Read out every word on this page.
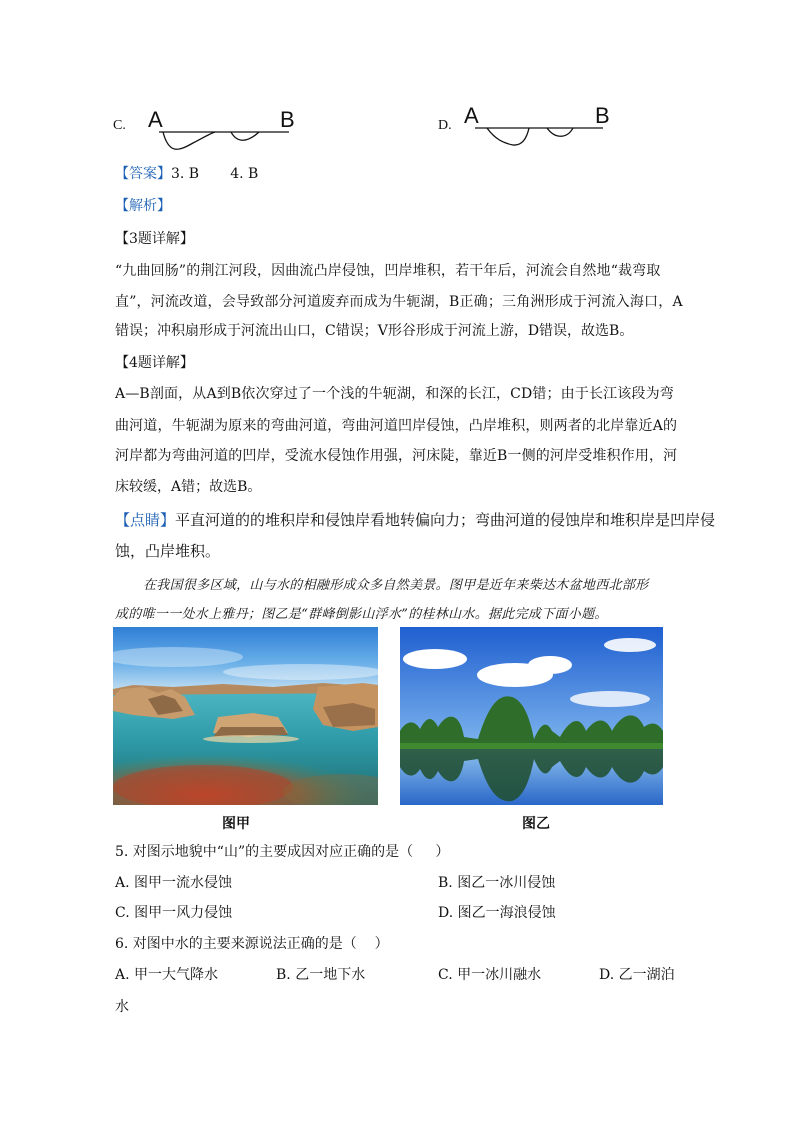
C. A	B	D. A	B
【答案】3. B       4. B
【解析】
【3题详解】
“九曲回肠”的荆江河段，因曲流凸岸侵蚀，凹岸堆积，若干年后，河流会自然地“裁弯取
直”，河流改道，会导致部分河道废弃而成为牛轭湖，B正确；三角洲形成于河流入海口，A
错误；冲积扇形成于河流出山口，C错误；V形谷形成于河流上游，D错误，故选B。
【4题详解】
A—B剖面，从A到B依次穿过了一个浅的牛轭湖，和深的长江，CD错；由于长江该段为弯
曲河道，牛轭湖为原来的弯曲河道，弯曲河道凹岸侵蚀，凸岸堆积，则两者的北岸靠近A的
河岸都为弯曲河道的凹岸，受流水侵蚀作用强，河床陡，靠近B一侧的河岸受堆积作用，河
床较缓，A错；故选B。
【点睛】平直河道的的堆积岸和侵蚀岸看地转偏向力；弯曲河道的侵蚀岸和堆积岸是凹岸侵
蚀，凸岸堆积。
在我国很多区域，山与水的相融形成众多自然美景。图甲是近年来柴达木盆地西北部形
成的唯一一处水上雅丹；图乙是“群峰倒影山浮水”的桂林山水。据此完成下面小题。
图甲	图乙
5. 对图示地貌中“山”的主要成因对应正确的是（     ）
A. 图甲一流水侵蚀	B. 图乙一冰川侵蚀
C. 图甲一风力侵蚀	D. 图乙一海浪侵蚀
6. 对图中水的主要来源说法正确的是（    ）
A. 甲一大气降水	B. 乙一地下水	C. 甲一冰川融水	D. 乙一湖泊
水
